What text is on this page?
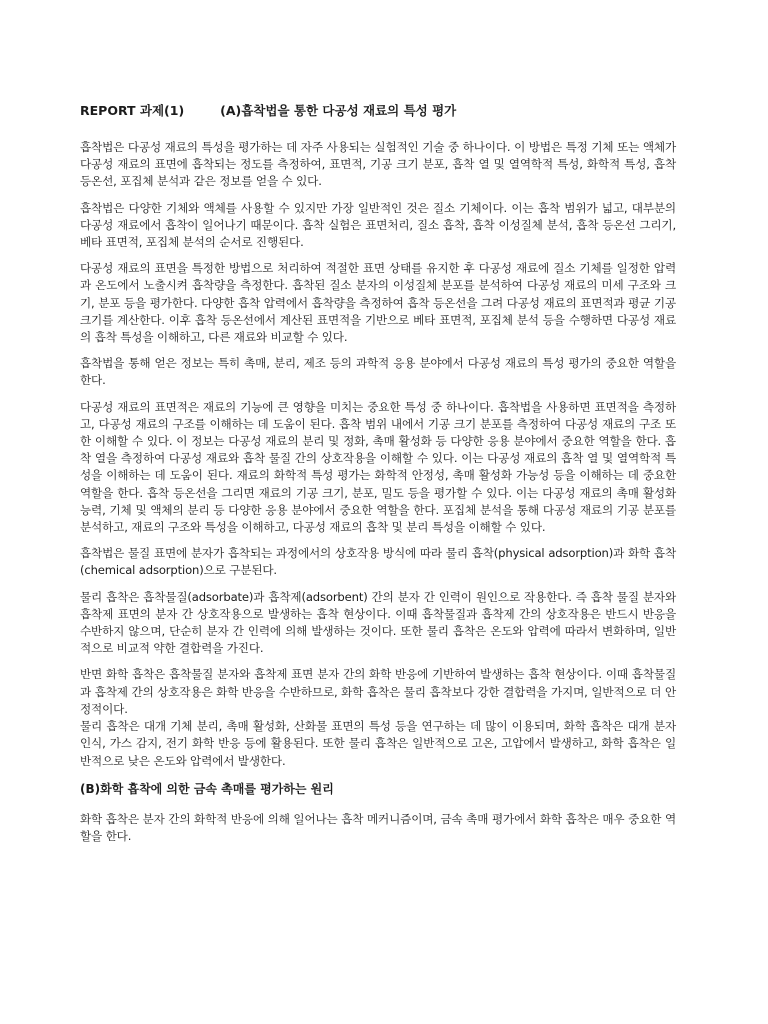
REPORT 과제(1)	(A)흡착법을 통한 다공성 재료의 특성 평가

흡착법은 다공성 재료의 특성을 평가하는 데 자주 사용되는 실험적인 기술 중 하나이다. 이 방법은 특정 기체 또는 액체가 다공성 재료의 표면에 흡착되는 정도를 측정하여, 표면적, 기공 크기 분포, 흡착 열 및 열역학적 특성, 화학적 특성, 흡착 등온선, 포집체 분석과 같은 정보를 얻을 수 있다.

흡착법은 다양한 기체와 액체를 사용할 수 있지만 가장 일반적인 것은 질소 기체이다. 이는 흡착 범위가 넓고, 대부분의 다공성 재료에서 흡착이 일어나기 때문이다. 흡착 실험은 표면처리, 질소 흡착, 흡착 이성질체 분석, 흡착 등온선 그리기, 베타 표면적, 포집체 분석의 순서로 진행된다.

다공성 재료의 표면을 특정한 방법으로 처리하여 적절한 표면 상태를 유지한 후 다공성 재료에 질소 기체를 일정한 압력과 온도에서 노출시켜 흡착량을 측정한다. 흡착된 질소 분자의 이성질체 분포를 분석하여 다공성 재료의 미세 구조와 크기, 분포 등을 평가한다. 다양한 흡착 압력에서 흡착량을 측정하여 흡착 등온선을 그려 다공성 재료의 표면적과 평균 기공 크기를 계산한다. 이후 흡착 등온선에서 계산된 표면적을 기반으로 베타 표면적, 포집체 분석 등을 수행하면 다공성 재료의 흡착 특성을 이해하고, 다른 재료와 비교할 수 있다.

흡착법을 통해 얻은 정보는 특히 촉매, 분리, 제조 등의 과학적 응용 분야에서 다공성 재료의 특성 평가의 중요한 역할을 한다.

다공성 재료의 표면적은 재료의 기능에 큰 영향을 미치는 중요한 특성 중 하나이다. 흡착법을 사용하면 표면적을 측정하고, 다공성 재료의 구조를 이해하는 데 도움이 된다. 흡착 범위 내에서 기공 크기 분포를 측정하여 다공성 재료의 구조 또한 이해할 수 있다. 이 정보는 다공성 재료의 분리 및 정화, 촉매 활성화 등 다양한 응용 분야에서 중요한 역할을 한다. 흡착 열을 측정하여 다공성 재료와 흡착 물질 간의 상호작용을 이해할 수 있다. 이는 다공성 재료의 흡착 열 및 열역학적 특성을 이해하는 데 도움이 된다. 재료의 화학적 특성 평가는 화학적 안정성, 촉매 활성화 가능성 등을 이해하는 데 중요한 역할을 한다. 흡착 등온선을 그리면 재료의 기공 크기, 분포, 밀도 등을 평가할 수 있다. 이는 다공성 재료의 촉매 활성화 능력, 기체 및 액체의 분리 등 다양한 응용 분야에서 중요한 역할을 한다. 포집체 분석을 통해 다공성 재료의 기공 분포를 분석하고, 재료의 구조와 특성을 이해하고, 다공성 재료의 흡착 및 분리 특성을 이해할 수 있다.

흡착법은 물질 표면에 분자가 흡착되는 과정에서의 상호작용 방식에 따라 물리 흡착(physical adsorption)과 화학 흡착(chemical adsorption)으로 구분된다.

물리 흡착은 흡착물질(adsorbate)과 흡착제(adsorbent) 간의 분자 간 인력이 원인으로 작용한다. 즉 흡착 물질 분자와 흡착제 표면의 분자 간 상호작용으로 발생하는 흡착 현상이다. 이때 흡착물질과 흡착제 간의 상호작용은 반드시 반응을 수반하지 않으며, 단순히 분자 간 인력에 의해 발생하는 것이다. 또한 물리 흡착은 온도와 압력에 따라서 변화하며, 일반적으로 비교적 약한 결합력을 가진다.

반면 화학 흡착은 흡착물질 분자와 흡착제 표면 분자 간의 화학 반응에 기반하여 발생하는 흡착 현상이다. 이때 흡착물질과 흡착제 간의 상호작용은 화학 반응을 수반하므로, 화학 흡착은 물리 흡착보다 강한 결합력을 가지며, 일반적으로 더 안정적이다.

물리 흡착은 대개 기체 분리, 촉매 활성화, 산화물 표면의 특성 등을 연구하는 데 많이 이용되며, 화학 흡착은 대개 분자 인식, 가스 감지, 전기 화학 반응 등에 활용된다. 또한 물리 흡착은 일반적으로 고온, 고압에서 발생하고, 화학 흡착은 일반적으로 낮은 온도와 압력에서 발생한다.

(B)화학 흡착에 의한 금속 촉매를 평가하는 원리

화학 흡착은 분자 간의 화학적 반응에 의해 일어나는 흡착 메커니즘이며, 금속 촉매 평가에서 화학 흡착은 매우 중요한 역할을 한다.
